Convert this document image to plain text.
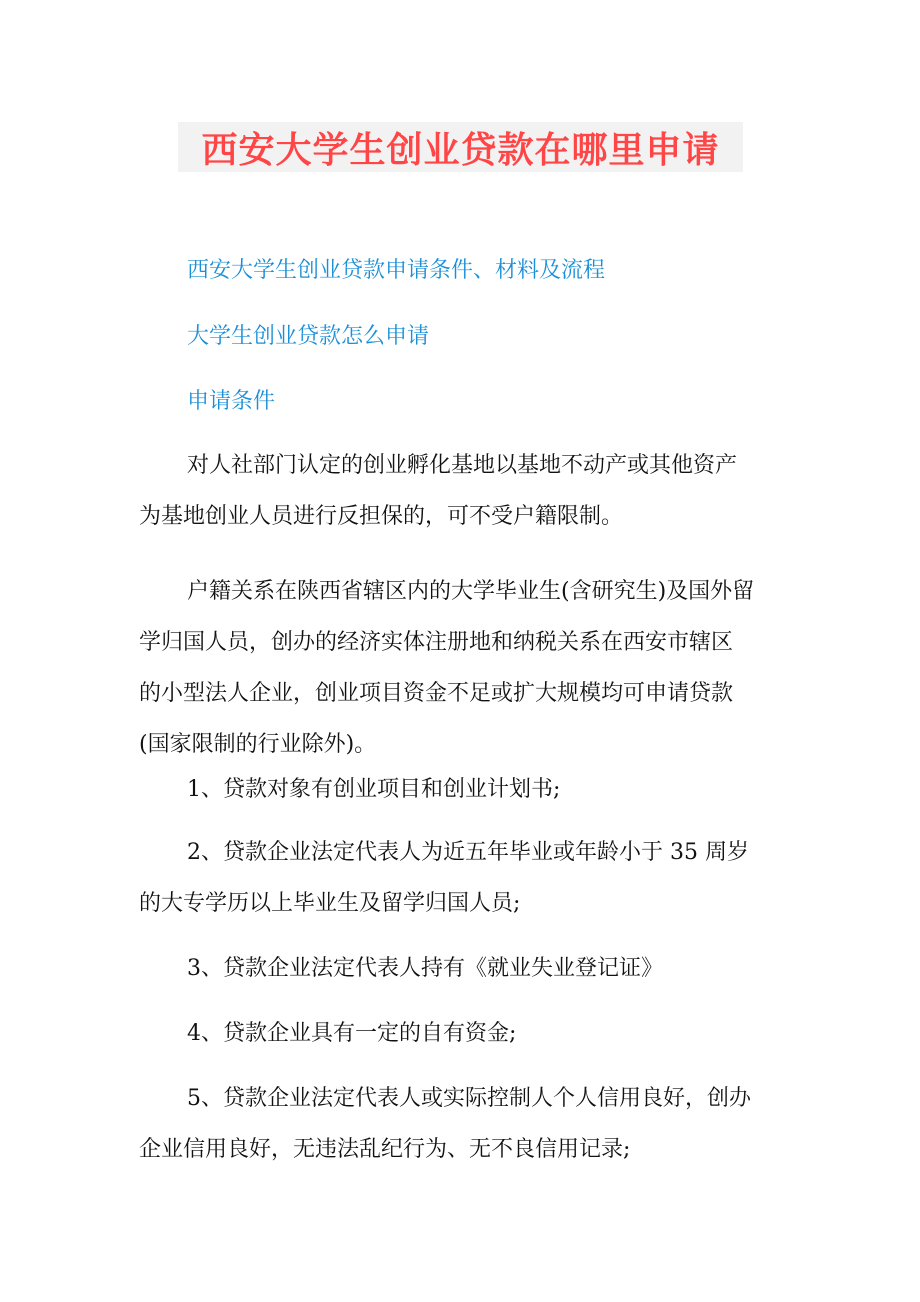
西安大学生创业贷款在哪里申请
西安大学生创业贷款申请条件、材料及流程
大学生创业贷款怎么申请
申请条件

对人社部门认定的创业孵化基地以基地不动产或其他资产
为基地创业人员进行反担保的，可不受户籍限制。

户籍关系在陕西省辖区内的大学毕业生(含研究生)及国外留
学归国人员，创办的经济实体注册地和纳税关系在西安市辖区
的小型法人企业，创业项目资金不足或扩大规模均可申请贷款
(国家限制的行业除外)。

1、贷款对象有创业项目和创业计划书;

2、贷款企业法定代表人为近五年毕业或年龄小于 35 周岁
的大专学历以上毕业生及留学归国人员;

3、贷款企业法定代表人持有《就业失业登记证》

4、贷款企业具有一定的自有资金;

5、贷款企业法定代表人或实际控制人个人信用良好，创办
企业信用良好，无违法乱纪行为、无不良信用记录;
